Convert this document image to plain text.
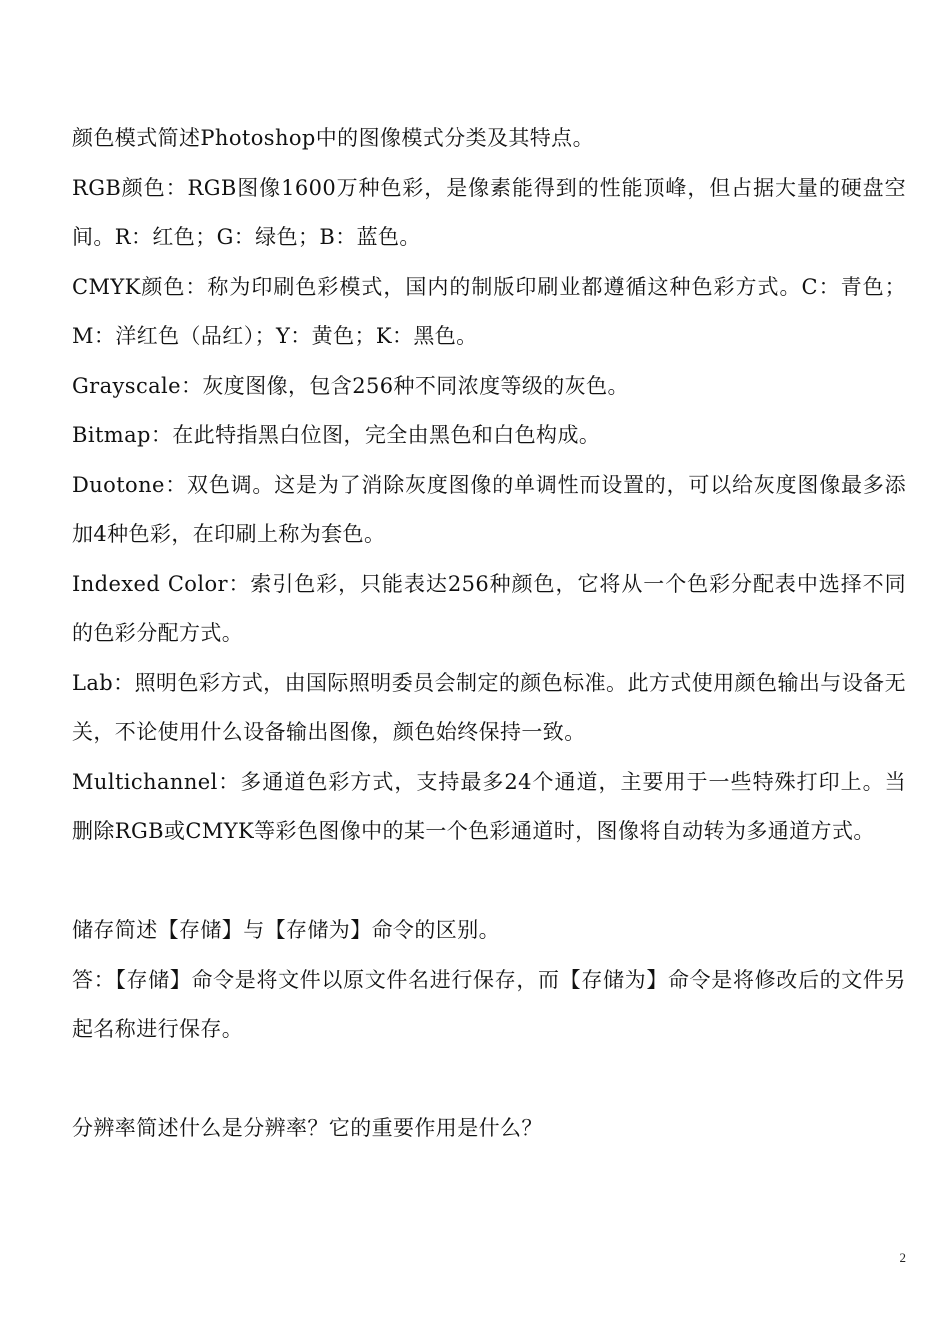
颜色模式简述Photoshop中的图像模式分类及其特点。

RGB颜色：RGB图像1600万种色彩，是像素能得到的性能顶峰，但占据大量的硬盘空间。R：红色；G：绿色；B：蓝色。

CMYK颜色：称为印刷色彩模式，国内的制版印刷业都遵循这种色彩方式。C：青色；M：洋红色（品红）；Y：黄色；K：黑色。

Grayscale：灰度图像，包含256种不同浓度等级的灰色。

Bitmap：在此特指黑白位图，完全由黑色和白色构成。

Duotone：双色调。这是为了消除灰度图像的单调性而设置的，可以给灰度图像最多添加4种色彩，在印刷上称为套色。

Indexed Color：索引色彩，只能表达256种颜色，它将从一个色彩分配表中选择不同的色彩分配方式。

Lab：照明色彩方式，由国际照明委员会制定的颜色标准。此方式使用颜色输出与设备无关，不论使用什么设备输出图像，颜色始终保持一致。

Multichannel：多通道色彩方式，支持最多24个通道，主要用于一些特殊打印上。当删除RGB或CMYK等彩色图像中的某一个色彩通道时，图像将自动转为多通道方式。

储存简述【存储】与【存储为】命令的区别。

答：【存储】命令是将文件以原文件名进行保存，而【存储为】命令是将修改后的文件另起名称进行保存。

分辨率简述什么是分辨率？它的重要作用是什么？

2
